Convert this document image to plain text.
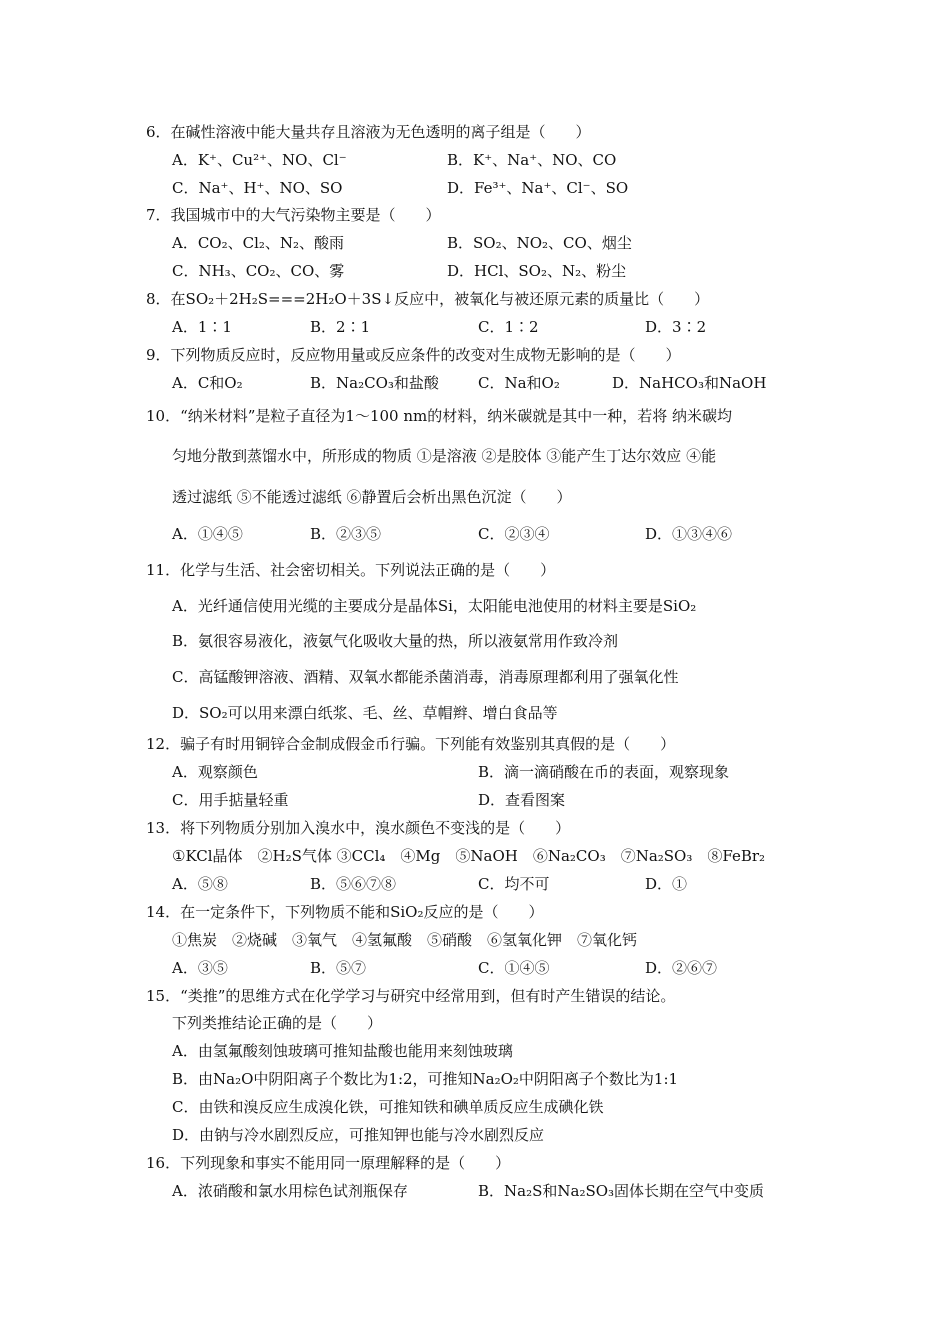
6．在碱性溶液中能大量共存且溶液为无色透明的离子组是（　　）
A．K⁺、Cu²⁺、NO、Cl⁻	B．K⁺、Na⁺、NO、CO
C．Na⁺、H⁺、NO、SO	D．Fe³⁺、Na⁺、Cl⁻、SO
7．我国城市中的大气污染物主要是（　　）
A．CO₂、Cl₂、N₂、酸雨	B．SO₂、NO₂、CO、烟尘
C．NH₃、CO₂、CO、雾	D．HCl、SO₂、N₂、粉尘
8．在SO₂＋2H₂S===2H₂O＋3S↓反应中，被氧化与被还原元素的质量比（　　）
A．1∶1	B．2∶1	C．1∶2	D．3∶2
9．下列物质反应时，反应物用量或反应条件的改变对生成物无影响的是（　　）
A．C和O₂	B．Na₂CO₃和盐酸	C．Na和O₂	D．NaHCO₃和NaOH
10．“纳米材料”是粒子直径为1～100 nm的材料，纳米碳就是其中一种，若将 纳米碳均
匀地分散到蒸馏水中，所形成的物质 ①是溶液 ②是胶体 ③能产生丁达尔效应 ④能
透过滤纸 ⑤不能透过滤纸 ⑥静置后会析出黑色沉淀（　　）
A．①④⑤	B．②③⑤	C．②③④	D．①③④⑥
11．化学与生活、社会密切相关。下列说法正确的是（　　）
A．光纤通信使用光缆的主要成分是晶体Si，太阳能电池使用的材料主要是SiO₂
B．氨很容易液化，液氨气化吸收大量的热，所以液氨常用作致冷剂
C．高锰酸钾溶液、酒精、双氧水都能杀菌消毒，消毒原理都利用了强氧化性
D．SO₂可以用来漂白纸浆、毛、丝、草帽辫、增白食品等
12．骗子有时用铜锌合金制成假金币行骗。下列能有效鉴别其真假的是（　　）
A．观察颜色	B．滴一滴硝酸在币的表面，观察现象
C．用手掂量轻重	D．查看图案
13．将下列物质分别加入溴水中，溴水颜色不变浅的是（　　）
①KCl晶体　②H₂S气体 ③CCl₄　④Mg　⑤NaOH　⑥Na₂CO₃　⑦Na₂SO₃　⑧FeBr₂
A．⑤⑧	B．⑤⑥⑦⑧	C．均不可	D．①
14．在一定条件下，下列物质不能和SiO₂反应的是（　　）
①焦炭　②烧碱　③氧气　④氢氟酸　⑤硝酸　⑥氢氧化钾　⑦氧化钙
A．③⑤	B．⑤⑦	C．①④⑤	D．②⑥⑦
15．“类推”的思维方式在化学学习与研究中经常用到，但有时产生错误的结论。
下列类推结论正确的是（　　）
A．由氢氟酸刻蚀玻璃可推知盐酸也能用来刻蚀玻璃
B．由Na₂O中阴阳离子个数比为1:2，可推知Na₂O₂中阴阳离子个数比为1:1
C．由铁和溴反应生成溴化铁，可推知铁和碘单质反应生成碘化铁
D．由钠与冷水剧烈反应，可推知钾也能与冷水剧烈反应
16．下列现象和事实不能用同一原理解释的是（　　）
A．浓硝酸和氯水用棕色试剂瓶保存	B．Na₂S和Na₂SO₃固体长期在空气中变质
